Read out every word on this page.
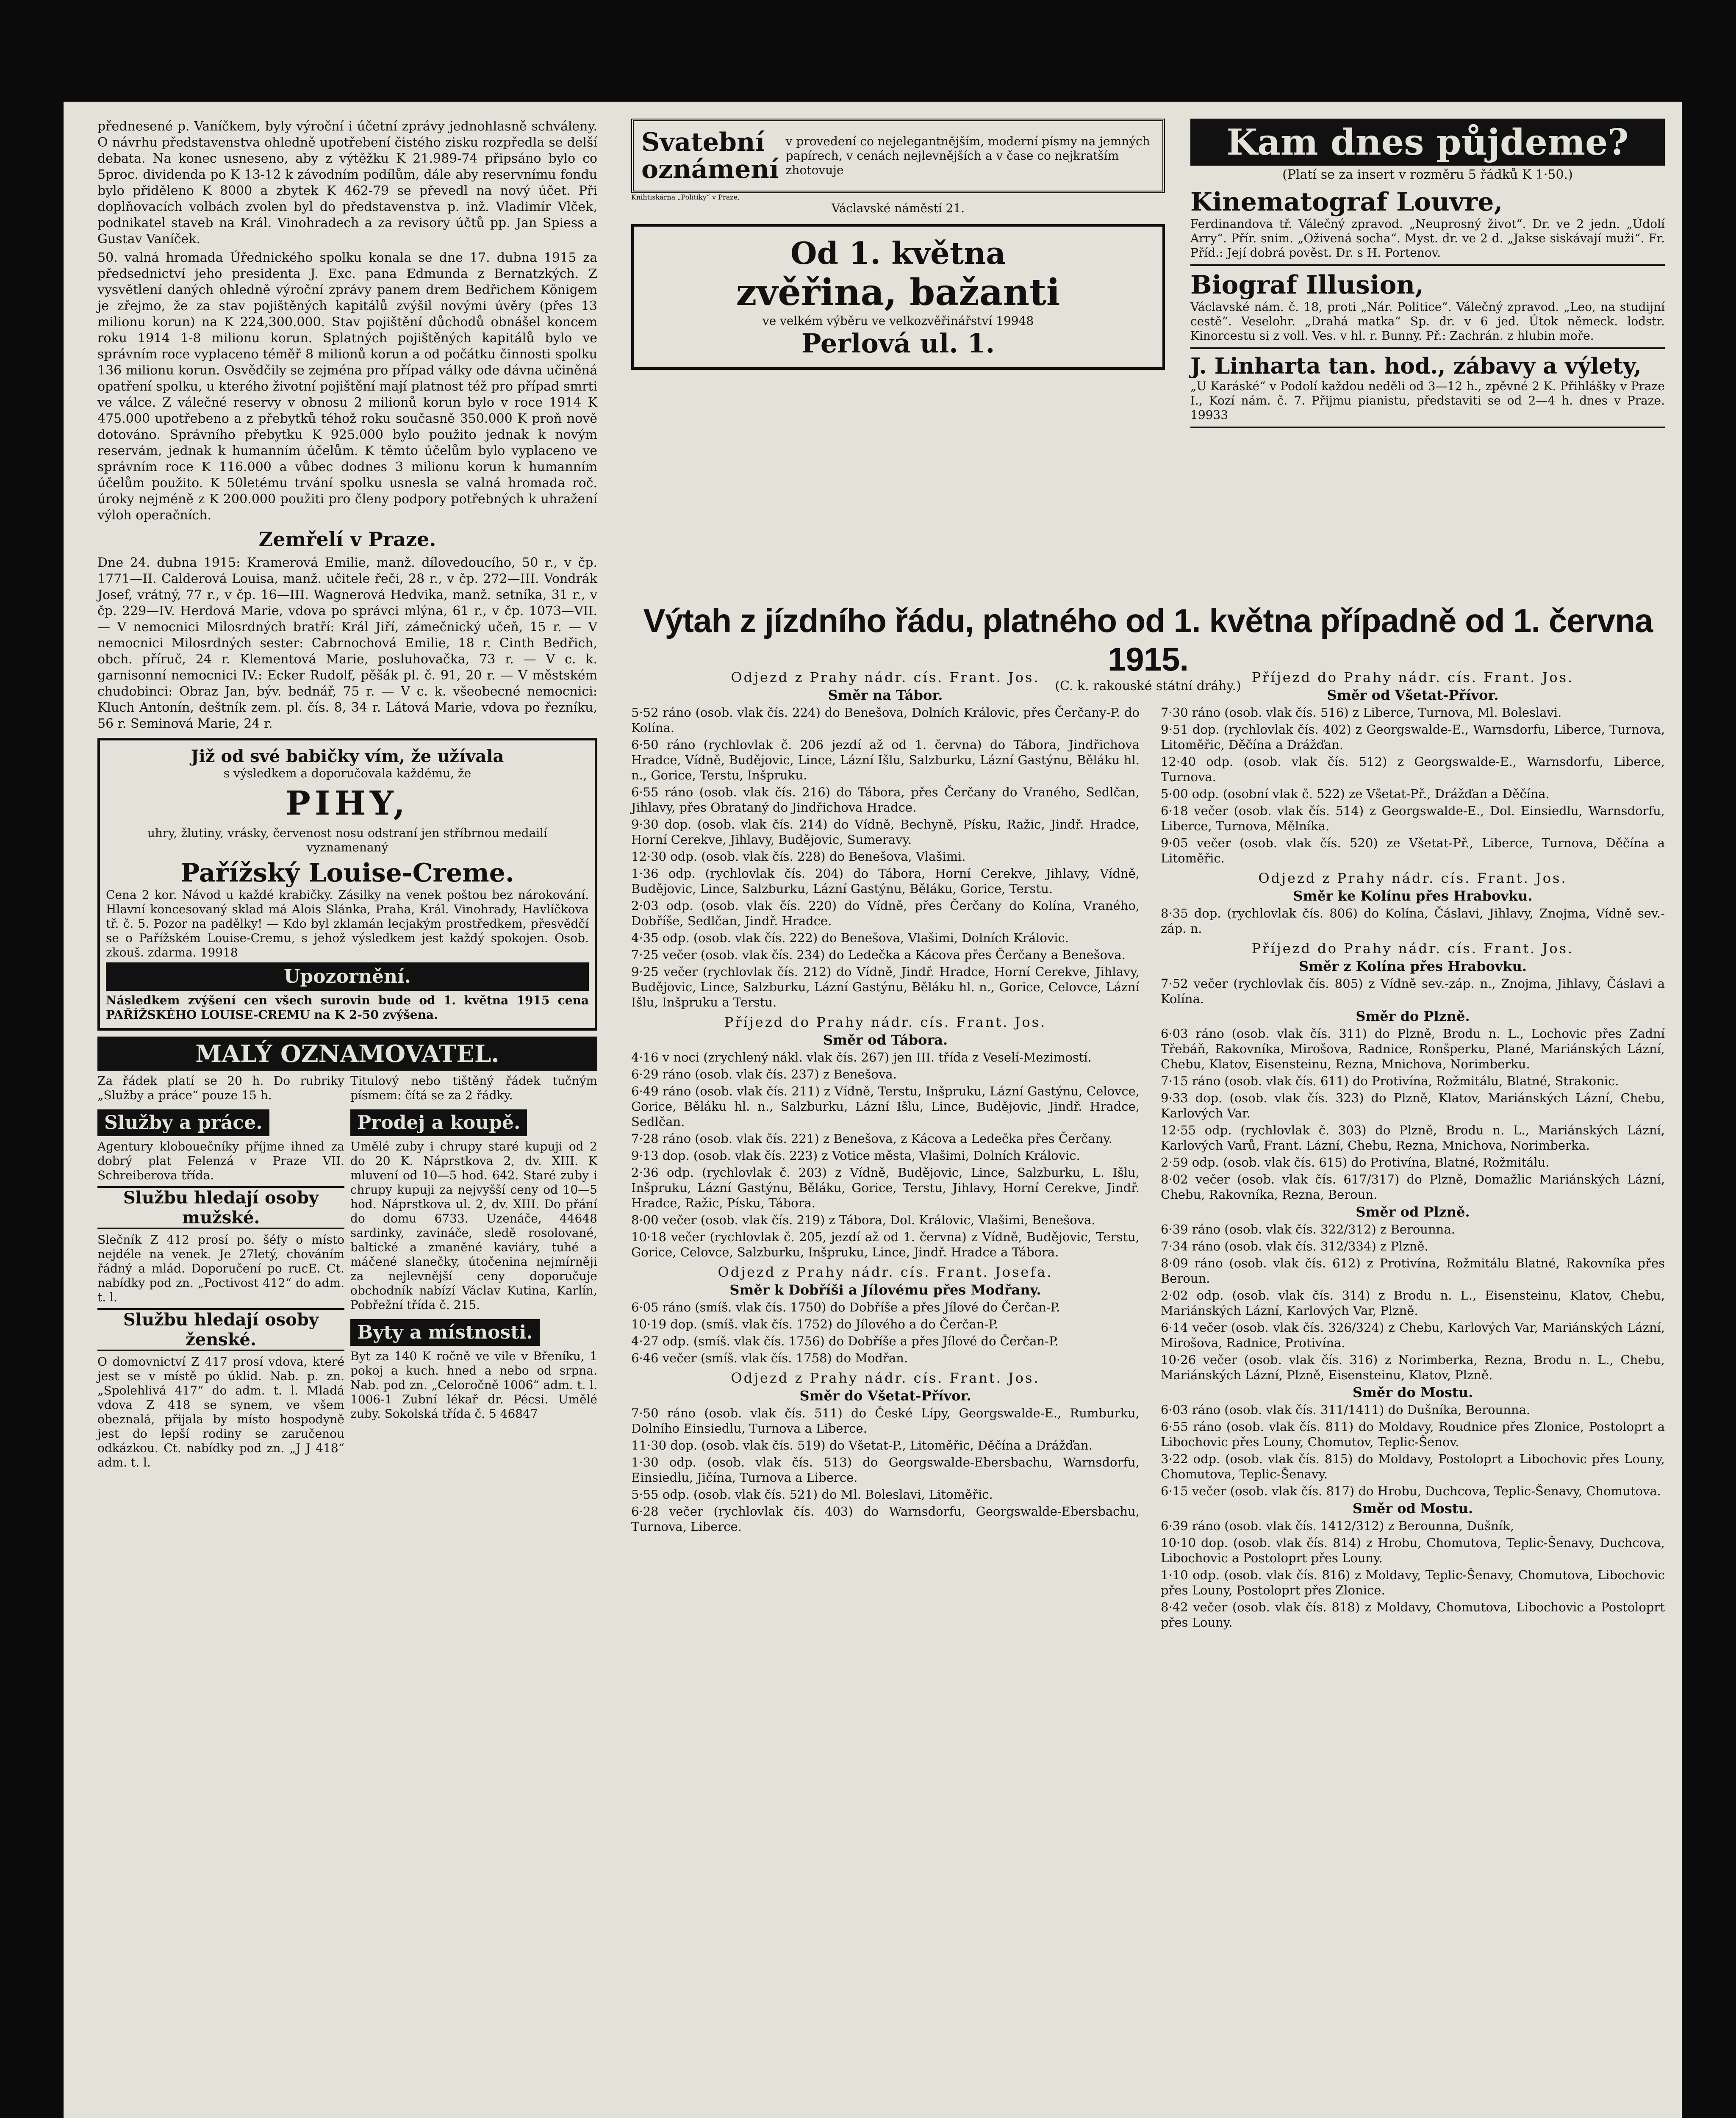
přednesené p. Vaníčkem, byly výroční i účetní zprávy jednohlasně schváleny. O návrhu představenstva ohledně upotřebení čistého zisku rozpředla se delší debata. Na konec usneseno, aby z výtěžku K 21.989-74 připsáno bylo co 5proc. dividenda po K 13-12 k závodním podílům, dále aby reservnímu fondu bylo přiděleno K 8000 a zbytek K 462-79 se převedl na nový účet. Při doplňovacích volbách zvolen byl do představenstva p. inž. Vladimír Vlček, podnikatel staveb na Král. Vinohradech a za revisory účtů pp. Jan Spiess a Gustav Vaníček.

50. valná hromada Úřednického spolku konala se dne 17. dubna 1915 za předsednictví jeho presidenta J. Exc. pana Edmunda z Bernatzkých. Z vysvětlení daných ohledně výroční zprávy panem drem Bedřichem Königem je zřejmo, že za stav pojištěných kapitálů zvýšil novými úvěry (přes 13 milionu korun) na K 224,300.000. Stav pojištění důchodů obnášel koncem roku 1914 1-8 milionu korun. Splatných pojištěných kapitálů bylo ve správním roce vyplaceno téměř 8 milionů korun a od počátku činnosti spolku 136 milionu korun. Osvědčily se zejména pro případ války ode dávna učiněná opatření spolku, u kterého životní pojištění mají platnost též pro případ smrti ve válce. Z válečné reservy v obnosu 2 milionů korun bylo v roce 1914 K 475.000 upotřebeno a z přebytků téhož roku současně 350.000 K proň nově dotováno. Správního přebytku K 925.000 bylo použito jednak k novým reservám, jednak k humanním účelům. K těmto účelům bylo vyplaceno ve správním roce K 116.000 a vůbec dodnes 3 milionu korun k humanním účelům použito. K 50letému trvání spolku usnesla se valná hromada roč. úroky nejméně z K 200.000 použiti pro členy podpory potřebných k uhražení výloh operačních.

Zemřelí v Praze.

Dne 24. dubna 1915: Kramerová Emilie, manž. dílovedoucího, 50 r., v čp. 1771—II. Calderová Louisa, manž. učitele řeči, 28 r., v čp. 272—III. Vondrák Josef, vrátný, 77 r., v čp. 16—III. Wagnerová Hedvika, manž. setníka, 31 r., v čp. 229—IV. Herdová Marie, vdova po správci mlýna, 61 r., v čp. 1073—VII. — V nemocnici Milosrdných bratří: Král Jiří, zámečnický učeň, 15 r. — V nemocnici Milosrdných sester: Cabrnochová Emilie, 18 r. Cinth Bedřich, obch. příruč, 24 r. Klementová Marie, posluhovačka, 73 r. — V c. k. garnisonní nemocnici IV.: Ecker Rudolf, pěšák pl. č. 91, 20 r. — V městském chudobinci: Obraz Jan, býv. bednář, 75 r. — V c. k. všeobecné nemocnici: Kluch Antonín, deštník zem. pl. čís. 8, 34 r. Látová Marie, vdova po řezníku, 56 r. Seminová Marie, 24 r.

Již od své babičky vím, že užívala
s výsledkem a doporučovala každému, že
PIHY,
uhry, žlutiny, vrásky, červenost nosu odstraní jen stříbrnou medailí vyznamenaný
Pařížský Louise-Creme.
Cena 2 kor. Návod u každé krabičky. Zásilky na venek poštou bez nárokování. Hlavní koncesovaný sklad má Alois Slánka, Praha, Král. Vinohrady, Havlíčkova tř. č. 5. Pozor na padělky! — Kdo byl zklamán lecjakým prostředkem, přesvědčí se o Pařížském Louise-Cremu, s jehož výsledkem jest každý spokojen. Osob. zkouš. zdarma. 19918
Upozornění.
Následkem zvýšení cen všech surovin bude od 1. května 1915 cena PAŘÍŽSKÉHO LOUISE-CREMU na K 2-50 zvýšena.
MALÝ OZNAMOVATEL.
Za řádek platí se 20 h. Do rubriky „Služby a práce“ pouze 15 h.
Titulový nebo tištěný řádek tučným písmem: čítá se za 2 řádky.
Služby a práce.

Agentury klobouečníky příjme ihned za dobrý plat Felenzá v Praze VII. Schreiberova třída.

Službu hledají osoby mužské.

Slečník Z 412 prosí po. šéfy o místo nejdéle na venek. Je 27letý, chováním řádný a mlád. Doporučení po rucE. Ct. nabídky pod zn. „Poctivost 412“ do adm. t. l.

Službu hledají osoby ženské.

O domovnictví Z 417 prosí vdova, které jest se v místě po úklid. Nab. p. zn. „Spolehlivá 417“ do adm. t. l. Mladá vdova Z 418 se synem, ve všem obeznalá, přijala by místo hospodyně jest do lepší rodiny se zaručenou odkázkou. Ct. nabídky pod zn. „J J 418“ adm. t. l.

Prodej a koupě.

Umělé zuby i chrupy staré kupuji od 2 do 20 K. Náprstkova 2, dv. XIII. K mluvení od 10—5 hod. 642. Staré zuby i chrupy kupuji za nejvyšší ceny od 10—5 hod. Náprstkova ul. 2, dv. XIII. Do přání do domu 6733. Uzenáče, 44648 sardinky, zavináče, sledě rosolované, baltické a zmaněné kaviáry, tuhé a máčené slanečky, útočenina nejmírněji za nejlevnější ceny doporučuje obchodník nabízí Václav Kutina, Karlín, Pobřežní třída č. 215.

Byty a místnosti.

Byt za 140 K ročně ve vile v Břeníku, 1 pokoj a kuch. hned a nebo od srpna. Nab. pod zn. „Celoročně 1006“ adm. t. l. 1006-1 Zubní lékař dr. Pécsi. Umělé zuby. Sokolská třída č. 5 46847

Svatební
oznámení
v provedení co nejelegantnějším, moderní písmy na jemných papírech, v cenách nejlevnějších a v čase co nejkratším zhotovuje
Knihtiskárna „Politiky“ v Praze,
Václavské náměstí 21.
Od 1. května
zvěřina, bažanti
ve velkém výběru ve velkozvěřinářství 19948
Perlová ul. 1.
Kam dnes půjdeme?
(Platí se za insert v rozměru 5 řádků K 1·50.)
Kinematograf Louvre,
Ferdinandova tř. Válečný zpravod. „Neuprosný život“. Dr. ve 2 jedn. „Údolí Arry“. Přír. snim. „Oživená socha“. Myst. dr. ve 2 d. „Jakse siskávají muži“. Fr. Příd.: Její dobrá pověst. Dr. s H. Portenov.
Biograf Illusion,
Václavské nám. č. 18, proti „Nár. Politice“. Válečný zpravod. „Leo, na studijní cestě“. Veselohr. „Drahá matka“ Sp. dr. v 6 jed. Útok německ. lodstr. Kinorcestu si z voll. Ves. v hl. r. Bunny. Př.: Zachrán. z hlubin moře.
J. Linharta tan. hod., zábavy a výlety,
„U Karáské“ v Podolí každou neděli od 3—12 h., zpěvné 2 K. Přihlášky v Praze I., Kozí nám. č. 7. Přijmu pianistu, představiti se od 2—4 h. dnes v Praze. 19933
Výtah z jízdního řádu, platného od 1. května případně od 1. června 1915.
(C. k. rakouské státní dráhy.)
Odjezd z Prahy nádr. cís. Frant. Jos.
Směr na Tábor.

5·52 ráno (osob. vlak čís. 224) do Benešova, Dolních Královic, přes Čerčany-P. do Kolína.

6·50 ráno (rychlovlak č. 206 jezdí až od 1. června) do Tábora, Jindřichova Hradce, Vídně, Budějovic, Lince, Lázní Išlu, Salzburku, Lázní Gastýnu, Běláku hl. n., Gorice, Terstu, Inšpruku.

6·55 ráno (osob. vlak čís. 216) do Tábora, přes Čerčany do Vraného, Sedlčan, Jihlavy, přes Obrataný do Jindřichova Hradce.

9·30 dop. (osob. vlak čís. 214) do Vídně, Bechyně, Písku, Ražic, Jindř. Hradce, Horní Cerekve, Jihlavy, Budějovic, Sumeravy.

12·30 odp. (osob. vlak čís. 228) do Benešova, Vlašimi.

1·36 odp. (rychlovlak čís. 204) do Tábora, Horní Cerekve, Jihlavy, Vídně, Budějovic, Lince, Salzburku, Lázní Gastýnu, Běláku, Gorice, Terstu.

2·03 odp. (osob. vlak čís. 220) do Vídně, přes Čerčany do Kolína, Vraného, Dobříše, Sedlčan, Jindř. Hradce.

4·35 odp. (osob. vlak čís. 222) do Benešova, Vlašimi, Dolních Královic.

7·25 večer (osob. vlak čís. 234) do Ledečka a Kácova přes Čerčany a Benešova.

9·25 večer (rychlovlak čís. 212) do Vídně, Jindř. Hradce, Horní Cerekve, Jihlavy, Budějovic, Lince, Salzburku, Lázní Gastýnu, Běláku hl. n., Gorice, Celovce, Lázní Išlu, Inšpruku a Terstu.

Příjezd do Prahy nádr. cís. Frant. Jos.
Směr od Tábora.

4·16 v noci (zrychlený nákl. vlak čís. 267) jen III. třída z Veselí-Mezimostí.

6·29 ráno (osob. vlak čís. 237) z Benešova.

6·49 ráno (osob. vlak čís. 211) z Vídně, Terstu, Inšpruku, Lázní Gastýnu, Celovce, Gorice, Běláku hl. n., Salzburku, Lázní Išlu, Lince, Budějovic, Jindř. Hradce, Sedlčan.

7·28 ráno (osob. vlak čís. 221) z Benešova, z Kácova a Ledečka přes Čerčany.

9·13 dop. (osob. vlak čís. 223) z Votice města, Vlašimi, Dolních Královic.

2·36 odp. (rychlovlak č. 203) z Vídně, Budějovic, Lince, Salzburku, L. Išlu, Inšpruku, Lázní Gastýnu, Běláku, Gorice, Terstu, Jihlavy, Horní Cerekve, Jindř. Hradce, Ražic, Písku, Tábora.

8·00 večer (osob. vlak čís. 219) z Tábora, Dol. Královic, Vlašimi, Benešova.

10·18 večer (rychlovlak č. 205, jezdí až od 1. června) z Vídně, Budějovic, Terstu, Gorice, Celovce, Salzburku, Inšpruku, Lince, Jindř. Hradce a Tábora.

Odjezd z Prahy nádr. cís. Frant. Josefa.
Směr k Dobříši a Jílovému přes Modřany.

6·05 ráno (smíš. vlak čís. 1750) do Dobříše a přes Jílové do Čerčan-P.

10·19 dop. (smíš. vlak čís. 1752) do Jílového a do Čerčan-P.

4·27 odp. (smíš. vlak čís. 1756) do Dobříše a přes Jílové do Čerčan-P.

6·46 večer (smíš. vlak čís. 1758) do Modřan.

Odjezd z Prahy nádr. cís. Frant. Jos.
Směr do Všetat-Přívor.

7·50 ráno (osob. vlak čís. 511) do České Lípy, Georgswalde-E., Rumburku, Dolního Einsiedlu, Turnova a Liberce.

11·30 dop. (osob. vlak čís. 519) do Všetat-P., Litoměřic, Děčína a Drážďan.

1·30 odp. (osob. vlak čís. 513) do Georgswalde-Ebersbachu, Warnsdorfu, Einsiedlu, Jičína, Turnova a Liberce.

5·55 odp. (osob. vlak čís. 521) do Ml. Boleslavi, Litoměřic.

6·28 večer (rychlovlak čís. 403) do Warnsdorfu, Georgswalde-Ebersbachu, Turnova, Liberce.

Příjezd do Prahy nádr. cís. Frant. Jos.
Směr od Všetat-Přívor.

7·30 ráno (osob. vlak čís. 516) z Liberce, Turnova, Ml. Boleslavi.

9·51 dop. (rychlovlak čís. 402) z Georgswalde-E., Warnsdorfu, Liberce, Turnova, Litoměřic, Děčína a Drážďan.

12·40 odp. (osob. vlak čís. 512) z Georgswalde-E., Warnsdorfu, Liberce, Turnova.

5·00 odp. (osobní vlak č. 522) ze Všetat-Př., Drážďan a Děčína.

6·18 večer (osob. vlak čís. 514) z Georgswalde-E., Dol. Einsiedlu, Warnsdorfu, Liberce, Turnova, Mělníka.

9·05 večer (osob. vlak čís. 520) ze Všetat-Př., Liberce, Turnova, Děčína a Litoměřic.

Odjezd z Prahy nádr. cís. Frant. Jos.
Směr ke Kolínu přes Hrabovku.

8·35 dop. (rychlovlak čís. 806) do Kolína, Čáslavi, Jihlavy, Znojma, Vídně sev.-záp. n.

Příjezd do Prahy nádr. cís. Frant. Jos.
Směr z Kolína přes Hrabovku.

7·52 večer (rychlovlak čís. 805) z Vídně sev.-záp. n., Znojma, Jihlavy, Čáslavi a Kolína.

Směr do Plzně.

6·03 ráno (osob. vlak čís. 311) do Plzně, Brodu n. L., Lochovic přes Zadní Třebáň, Rakovníka, Mirošova, Radnice, Ronšperku, Plané, Mariánských Lázní, Chebu, Klatov, Eisensteinu, Rezna, Mnichova, Norimberku.

7·15 ráno (osob. vlak čís. 611) do Protivína, Rožmitálu, Blatné, Strakonic.

9·33 dop. (osob. vlak čís. 323) do Plzně, Klatov, Mariánských Lázní, Chebu, Karlových Var.

12·55 odp. (rychlovlak č. 303) do Plzně, Brodu n. L., Mariánských Lázní, Karlových Varů, Frant. Lázní, Chebu, Rezna, Mnichova, Norimberka.

2·59 odp. (osob. vlak čís. 615) do Protivína, Blatné, Rožmitálu.

8·02 večer (osob. vlak čís. 617/317) do Plzně, Domažlic Mariánských Lázní, Chebu, Rakovníka, Rezna, Beroun.

Směr od Plzně.

6·39 ráno (osob. vlak čís. 322/312) z Berounna.

7·34 ráno (osob. vlak čís. 312/334) z Plzně.

8·09 ráno (osob. vlak čís. 612) z Protivína, Rožmitálu Blatné, Rakovníka přes Beroun.

2·02 odp. (osob. vlak čís. 314) z Brodu n. L., Eisensteinu, Klatov, Chebu, Mariánských Lázní, Karlových Var, Plzně.

6·14 večer (osob. vlak čís. 326/324) z Chebu, Karlových Var, Mariánských Lázní, Mirošova, Radnice, Protivína.

10·26 večer (osob. vlak čís. 316) z Norimberka, Rezna, Brodu n. L., Chebu, Mariánských Lázní, Plzně, Eisensteinu, Klatov, Plzně.

Směr do Mostu.

6·03 ráno (osob. vlak čís. 311/1411) do Dušníka, Berounna.

6·55 ráno (osob. vlak čís. 811) do Moldavy, Roudnice přes Zlonice, Postoloprt a Libochovic přes Louny, Chomutov, Teplic-Šenov.

3·22 odp. (osob. vlak čís. 815) do Moldavy, Postoloprt a Libochovic přes Louny, Chomutova, Teplic-Šenavy.

6·15 večer (osob. vlak čís. 817) do Hrobu, Duchcova, Teplic-Šenavy, Chomutova.

Směr od Mostu.

6·39 ráno (osob. vlak čís. 1412/312) z Berounna, Dušník,

10·10 dop. (osob. vlak čís. 814) z Hrobu, Chomutova, Teplic-Šenavy, Duchcova, Libochovic a Postoloprt přes Louny.

1·10 odp. (osob. vlak čís. 816) z Moldavy, Teplic-Šenavy, Chomutova, Libochovic přes Louny, Postoloprt přes Zlonice.

8·42 večer (osob. vlak čís. 818) z Moldavy, Chomutova, Libochovic a Postoloprt přes Louny.
